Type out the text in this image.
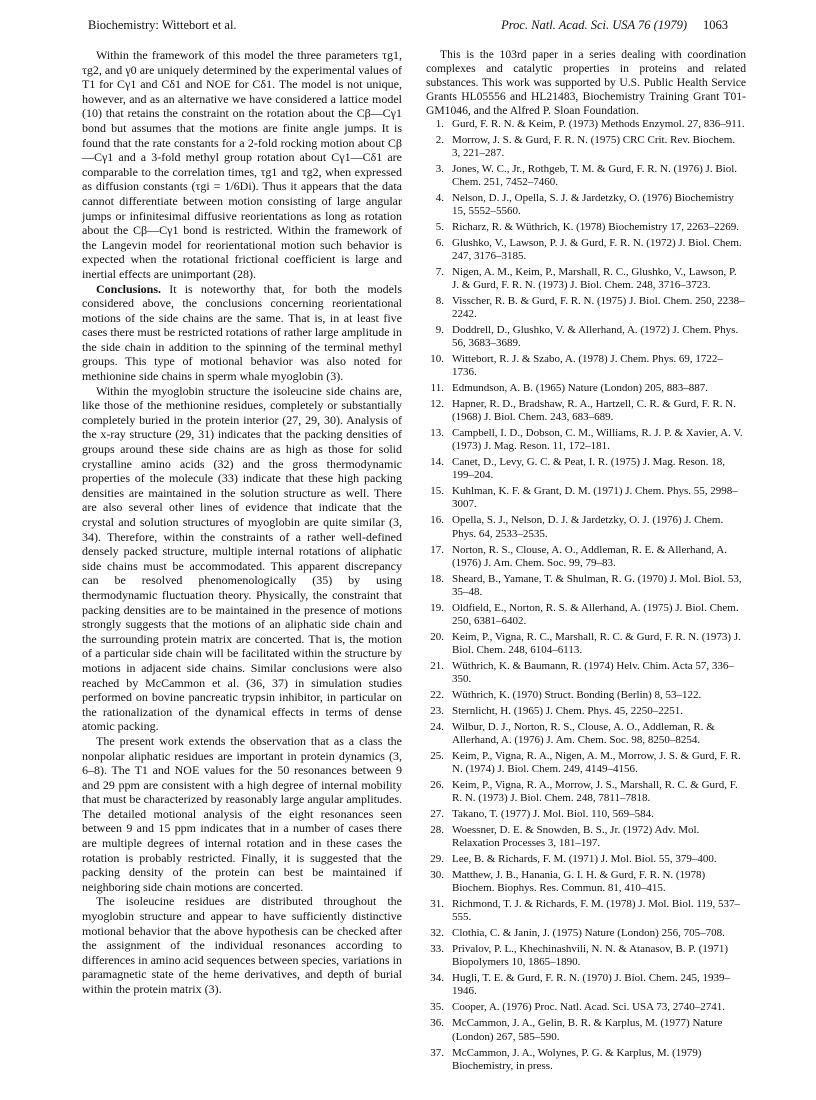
Biochemistry: Wittebort et al.	Proc. Natl. Acad. Sci. USA 76 (1979) 1063

Within the framework of this model the three parameters τg1, τg2, and γ0 are uniquely determined by the experimental values of T1 for Cγ1 and Cδ1 and NOE for Cδ1. The model is not unique, however, and as an alternative we have considered a lattice model (10) that retains the constraint on the rotation about the Cβ—Cγ1 bond but assumes that the motions are finite angle jumps. It is found that the rate constants for a 2-fold rocking motion about Cβ—Cγ1 and a 3-fold methyl group rotation about Cγ1—Cδ1 are comparable to the correlation times, τg1 and τg2, when expressed as diffusion constants (τgi = 1/6Di). Thus it appears that the data cannot differentiate between motion consisting of large angular jumps or infinitesimal diffusive reorientations as long as rotation about the Cβ—Cγ1 bond is restricted. Within the framework of the Langevin model for reorientational motion such behavior is expected when the rotational frictional coefficient is large and inertial effects are unimportant (28).

Conclusions. It is noteworthy that, for both the models considered above, the conclusions concerning reorientational motions of the side chains are the same. That is, in at least five cases there must be restricted rotations of rather large amplitude in the side chain in addition to the spinning of the terminal methyl groups. This type of motional behavior was also noted for methionine side chains in sperm whale myoglobin (3).

Within the myoglobin structure the isoleucine side chains are, like those of the methionine residues, completely or substantially completely buried in the protein interior (27, 29, 30). Analysis of the x-ray structure (29, 31) indicates that the packing densities of groups around these side chains are as high as those for solid crystalline amino acids (32) and the gross thermodynamic properties of the molecule (33) indicate that these high packing densities are maintained in the solution structure as well. There are also several other lines of evidence that indicate that the crystal and solution structures of myoglobin are quite similar (3, 34). Therefore, within the constraints of a rather well-defined densely packed structure, multiple internal rotations of aliphatic side chains must be accommodated. This apparent discrepancy can be resolved phenomenologically (35) by using thermodynamic fluctuation theory. Physically, the constraint that packing densities are to be maintained in the presence of motions strongly suggests that the motions of an aliphatic side chain and the surrounding protein matrix are concerted. That is, the motion of a particular side chain will be facilitated within the structure by motions in adjacent side chains. Similar conclusions were also reached by McCammon et al. (36, 37) in simulation studies performed on bovine pancreatic trypsin inhibitor, in particular on the rationalization of the dynamical effects in terms of dense atomic packing.

The present work extends the observation that as a class the nonpolar aliphatic residues are important in protein dynamics (3, 6–8). The T1 and NOE values for the 50 resonances between 9 and 29 ppm are consistent with a high degree of internal mobility that must be characterized by reasonably large angular amplitudes. The detailed motional analysis of the eight resonances seen between 9 and 15 ppm indicates that in a number of cases there are multiple degrees of internal rotation and in these cases the rotation is probably restricted. Finally, it is suggested that the packing density of the protein can best be maintained if neighboring side chain motions are concerted.

The isoleucine residues are distributed throughout the myoglobin structure and appear to have sufficiently distinctive motional behavior that the above hypothesis can be checked after the assignment of the individual resonances according to differences in amino acid sequences between species, variations in paramagnetic state of the heme derivatives, and depth of burial within the protein matrix (3).

This is the 103rd paper in a series dealing with coordination complexes and catalytic properties in proteins and related substances. This work was supported by U.S. Public Health Service Grants HL05556 and HL21483, Biochemistry Training Grant T01-GM1046, and the Alfred P. Sloan Foundation.

1. Gurd, F. R. N. & Keim, P. (1973) Methods Enzymol. 27, 836–911.
2. Morrow, J. S. & Gurd, F. R. N. (1975) CRC Crit. Rev. Biochem. 3, 221–287.
3. Jones, W. C., Jr., Rothgeb, T. M. & Gurd, F. R. N. (1976) J. Biol. Chem. 251, 7452–7460.
4. Nelson, D. J., Opella, S. J. & Jardetzky, O. (1976) Biochemistry 15, 5552–5560.
5. Richarz, R. & Wüthrich, K. (1978) Biochemistry 17, 2263–2269.
6. Glushko, V., Lawson, P. J. & Gurd, F. R. N. (1972) J. Biol. Chem. 247, 3176–3185.
7. Nigen, A. M., Keim, P., Marshall, R. C., Glushko, V., Lawson, P. J. & Gurd, F. R. N. (1973) J. Biol. Chem. 248, 3716–3723.
8. Visscher, R. B. & Gurd, F. R. N. (1975) J. Biol. Chem. 250, 2238–2242.
9. Doddrell, D., Glushko, V. & Allerhand, A. (1972) J. Chem. Phys. 56, 3683–3689.
10. Wittebort, R. J. & Szabo, A. (1978) J. Chem. Phys. 69, 1722–1736.
11. Edmundson, A. B. (1965) Nature (London) 205, 883–887.
12. Hapner, R. D., Bradshaw, R. A., Hartzell, C. R. & Gurd, F. R. N. (1968) J. Biol. Chem. 243, 683–689.
13. Campbell, I. D., Dobson, C. M., Williams, R. J. P. & Xavier, A. V. (1973) J. Mag. Reson. 11, 172–181.
14. Canet, D., Levy, G. C. & Peat, I. R. (1975) J. Mag. Reson. 18, 199–204.
15. Kuhlman, K. F. & Grant, D. M. (1971) J. Chem. Phys. 55, 2998–3007.
16. Opella, S. J., Nelson, D. J. & Jardetzky, O. J. (1976) J. Chem. Phys. 64, 2533–2535.
17. Norton, R. S., Clouse, A. O., Addleman, R. E. & Allerhand, A. (1976) J. Am. Chem. Soc. 99, 79–83.
18. Sheard, B., Yamane, T. & Shulman, R. G. (1970) J. Mol. Biol. 53, 35–48.
19. Oldfield, E., Norton, R. S. & Allerhand, A. (1975) J. Biol. Chem. 250, 6381–6402.
20. Keim, P., Vigna, R. C., Marshall, R. C. & Gurd, F. R. N. (1973) J. Biol. Chem. 248, 6104–6113.
21. Wüthrich, K. & Baumann, R. (1974) Helv. Chim. Acta 57, 336–350.
22. Wüthrich, K. (1970) Struct. Bonding (Berlin) 8, 53–122.
23. Sternlicht, H. (1965) J. Chem. Phys. 45, 2250–2251.
24. Wilbur, D. J., Norton, R. S., Clouse, A. O., Addleman, R. & Allerhand, A. (1976) J. Am. Chem. Soc. 98, 8250–8254.
25. Keim, P., Vigna, R. A., Nigen, A. M., Morrow, J. S. & Gurd, F. R. N. (1974) J. Biol. Chem. 249, 4149–4156.
26. Keim, P., Vigna, R. A., Morrow, J. S., Marshall, R. C. & Gurd, F. R. N. (1973) J. Biol. Chem. 248, 7811–7818.
27. Takano, T. (1977) J. Mol. Biol. 110, 569–584.
28. Woessner, D. E. & Snowden, B. S., Jr. (1972) Adv. Mol. Relaxation Processes 3, 181–197.
29. Lee, B. & Richards, F. M. (1971) J. Mol. Biol. 55, 379–400.
30. Matthew, J. B., Hanania, G. I. H. & Gurd, F. R. N. (1978) Biochem. Biophys. Res. Commun. 81, 410–415.
31. Richmond, T. J. & Richards, F. M. (1978) J. Mol. Biol. 119, 537–555.
32. Clothia, C. & Janin, J. (1975) Nature (London) 256, 705–708.
33. Privalov, P. L., Khechinashvili, N. N. & Atanasov, B. P. (1971) Biopolymers 10, 1865–1890.
34. Hugli, T. E. & Gurd, F. R. N. (1970) J. Biol. Chem. 245, 1939–1946.
35. Cooper, A. (1976) Proc. Natl. Acad. Sci. USA 73, 2740–2741.
36. McCammon, J. A., Gelin, B. R. & Karplus, M. (1977) Nature (London) 267, 585–590.
37. McCammon, J. A., Wolynes, P. G. & Karplus, M. (1979) Biochemistry, in press.
